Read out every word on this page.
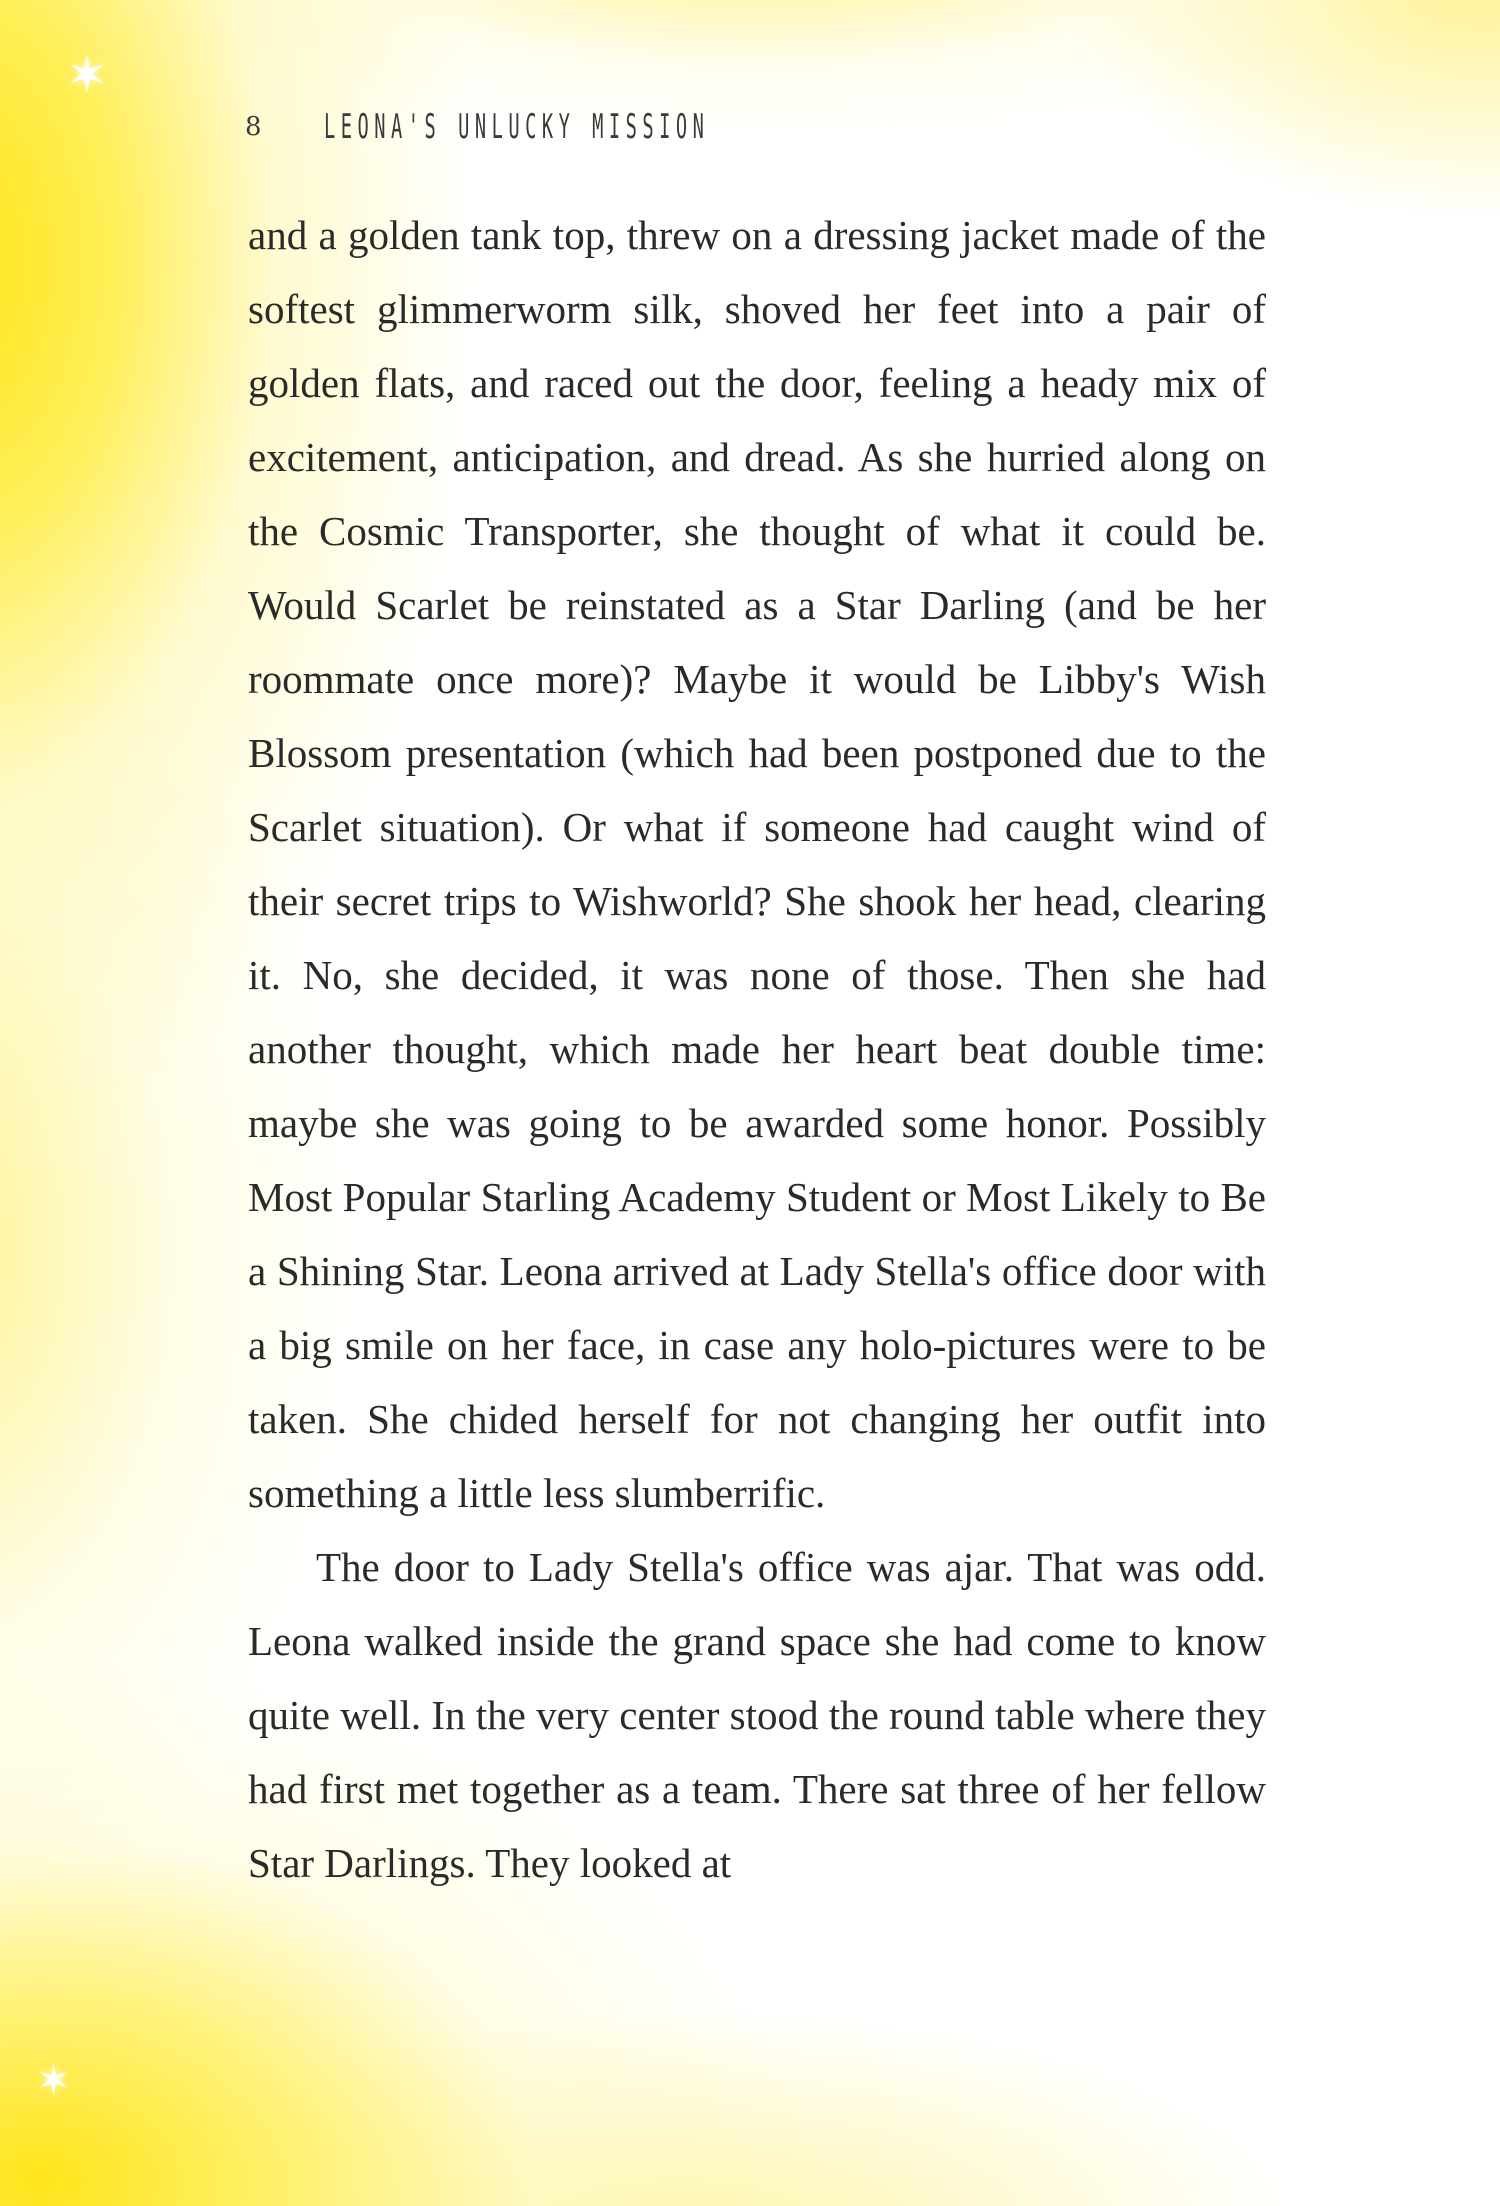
✶
✶
8 LEONA'S UNLUCKY MISSION

and a golden tank top, threw on a dressing jacket made of the softest glimmerworm silk, shoved her feet into a pair of golden flats, and raced out the door, feeling a heady mix of excitement, anticipation, and dread. As she hurried along on the Cosmic Transporter, she thought of what it could be. Would Scarlet be reinstated as a Star Darling (and be her roommate once more)? Maybe it would be Libby's Wish Blossom presentation (which had been postponed due to the Scarlet situation). Or what if someone had caught wind of their secret trips to Wishworld? She shook her head, clearing it. No, she decided, it was none of those. Then she had another thought, which made her heart beat double time: maybe she was going to be awarded some honor. Possibly Most Popular Starling Academy Student or Most Likely to Be a Shining Star. Leona arrived at Lady Stella's office door with a big smile on her face, in case any holo-pictures were to be taken. She chided herself for not changing her outfit into something a little less slumberrific.

The door to Lady Stella's office was ajar. That was odd. Leona walked inside the grand space she had come to know quite well. In the very center stood the round table where they had first met together as a team. There sat three of her fellow Star Darlings. They looked at
